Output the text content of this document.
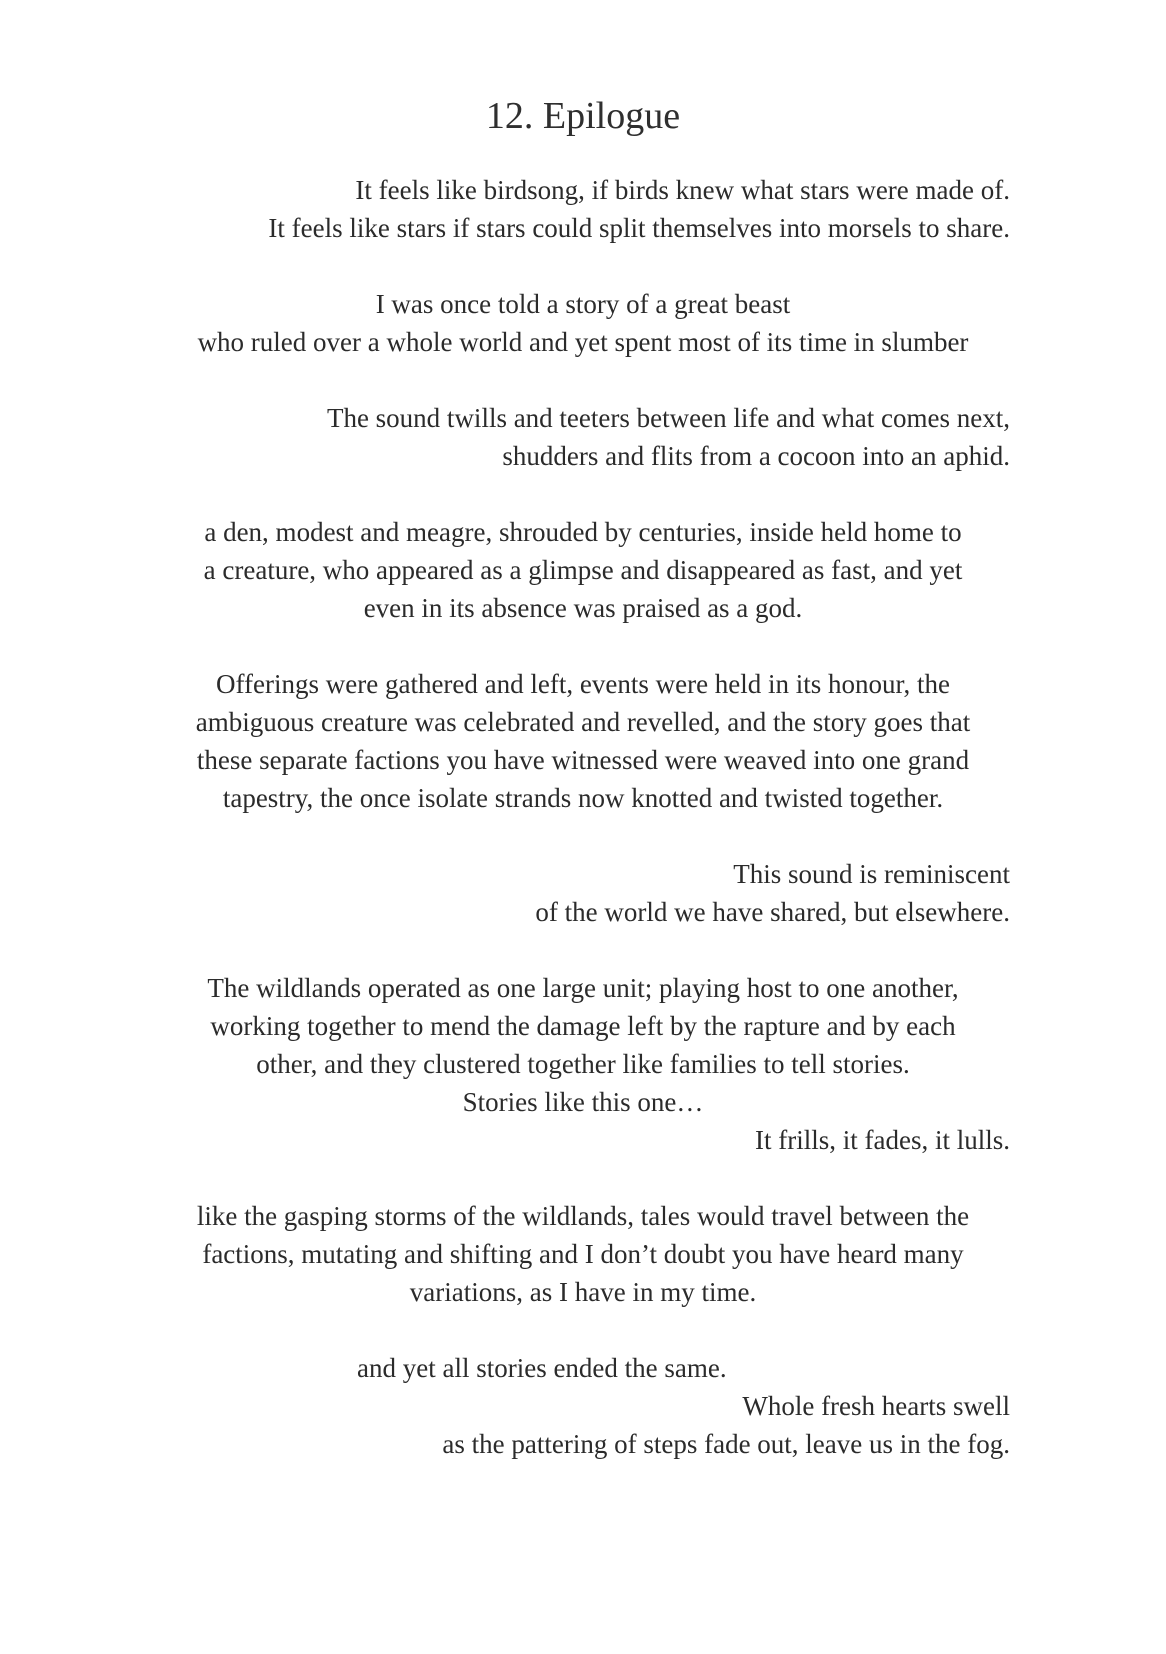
12. Epilogue

It feels like birdsong, if birds knew what stars were made of.

It feels like stars if stars could split themselves into morsels to share.

I was once told a story of a great beast

who ruled over a whole world and yet spent most of its time in slumber

The sound twills and teeters between life and what comes next,

shudders and flits from a cocoon into an aphid.

a den, modest and meagre, shrouded by centuries, inside held home to

a creature, who appeared as a glimpse and disappeared as fast, and yet

even in its absence was praised as a god.

Offerings were gathered and left, events were held in its honour, the

ambiguous creature was celebrated and revelled, and the story goes that

these separate factions you have witnessed were weaved into one grand

tapestry, the once isolate strands now knotted and twisted together.

This sound is reminiscent

of the world we have shared, but elsewhere.

The wildlands operated as one large unit; playing host to one another,

working together to mend the damage left by the rapture and by each

other, and they clustered together like families to tell stories.

Stories like this one…

It frills, it fades, it lulls.

like the gasping storms of the wildlands, tales would travel between the

factions, mutating and shifting and I don’t doubt you have heard many

variations, as I have in my time.

and yet all stories ended the same.

Whole fresh hearts swell

as the pattering of steps fade out, leave us in the fog.
